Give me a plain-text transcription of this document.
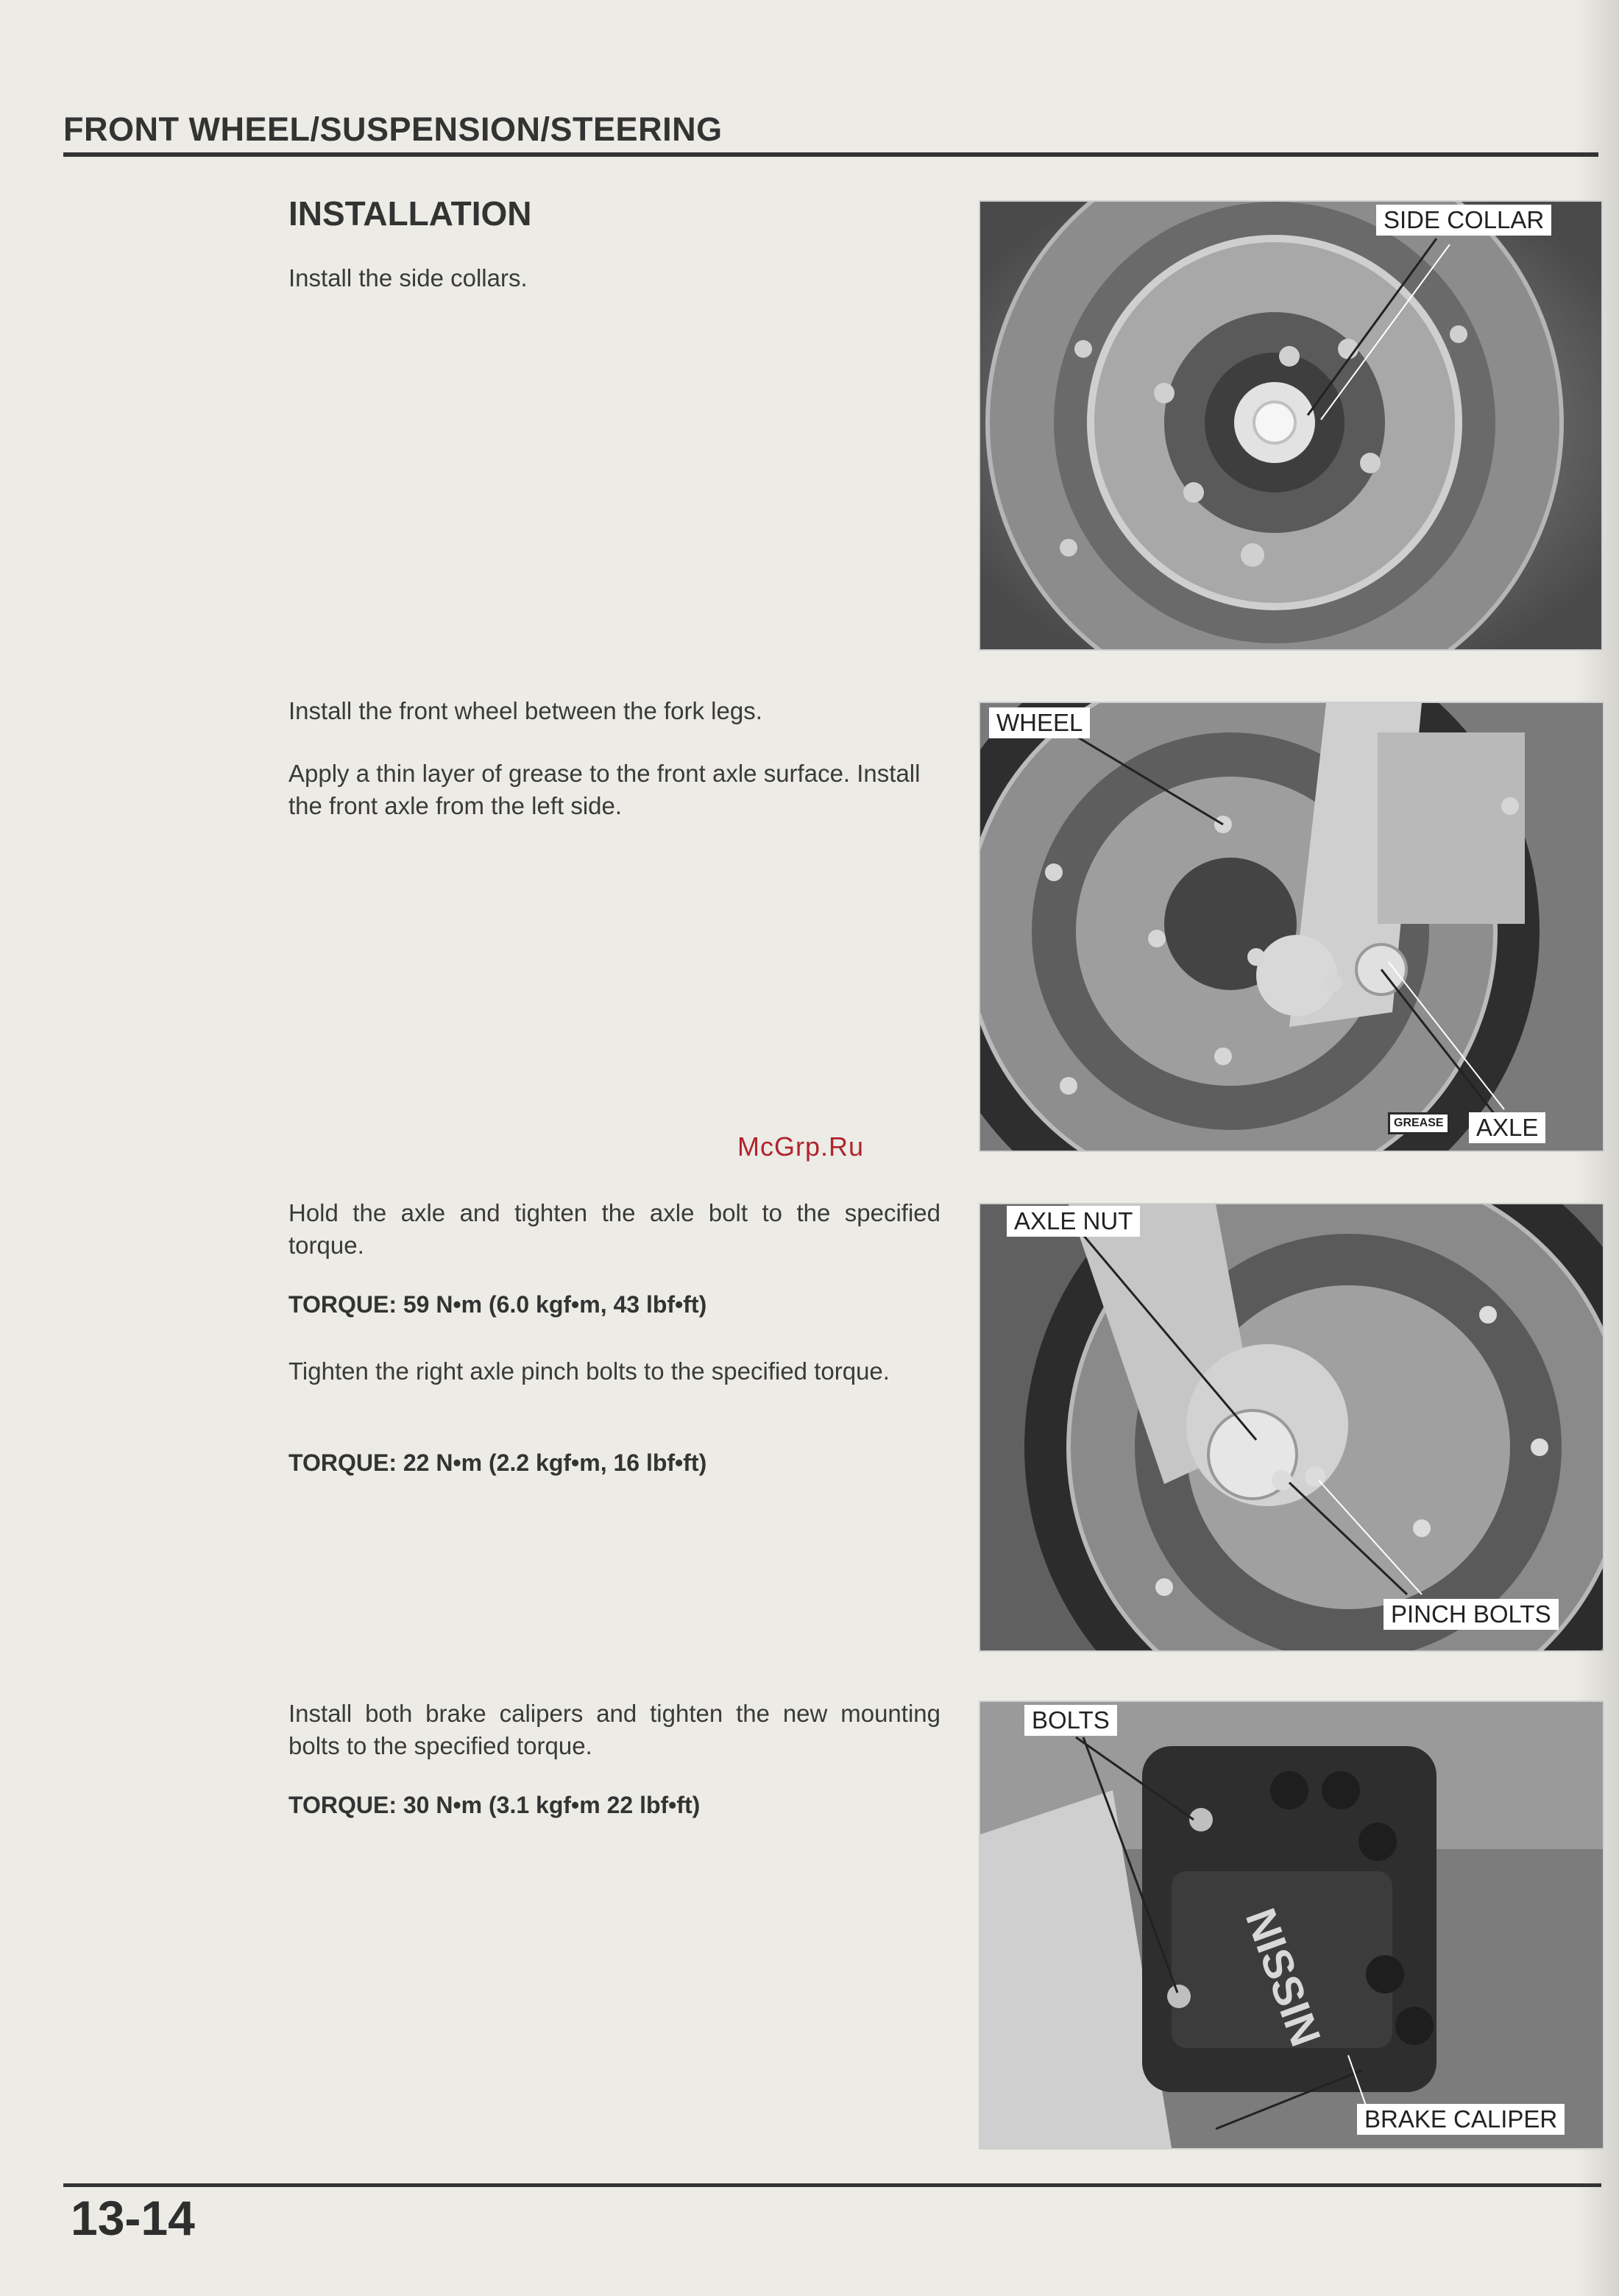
FRONT WHEEL/SUSPENSION/STEERING
INSTALLATION
Install the side collars.
Install the front wheel between the fork legs.
Apply a thin layer of grease to the front axle surface. Install the front axle from the left side.
Hold the axle and tighten the axle bolt to the specified torque.
TORQUE: 59 N•m (6.0 kgf•m, 43 lbf•ft)
Tighten the right axle pinch bolts to the specified torque.
TORQUE: 22 N•m (2.2 kgf•m, 16 lbf•ft)
Install both brake calipers and tighten the new mounting bolts to the specified torque.
TORQUE: 30 N•m (3.1 kgf•m 22 lbf•ft)
McGrp.Ru
SIDE COLLAR
WHEEL
GREASE	AXLE
AXLE NUT
PINCH BOLTS
NISSIN
BOLTS
BRAKE CALIPER
13-14
